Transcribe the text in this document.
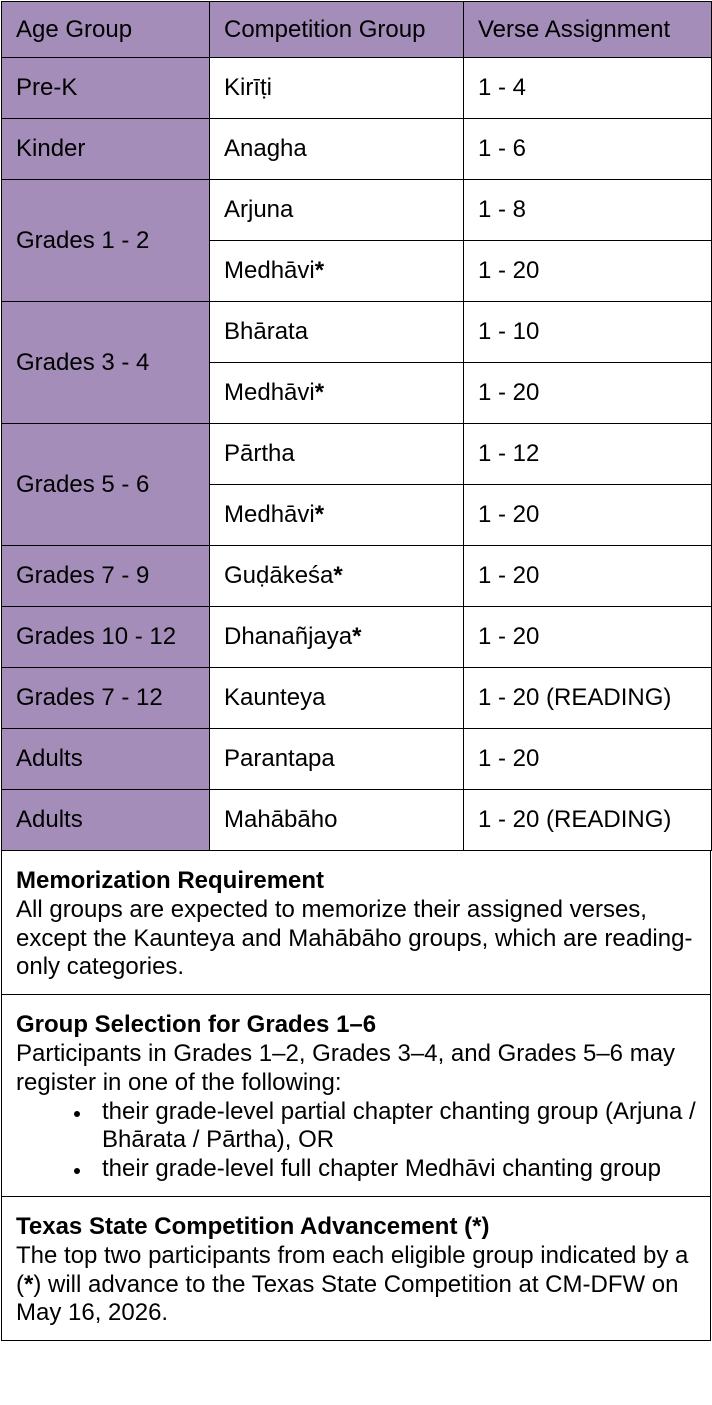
Age Group	Competition Group	Verse Assignment
Pre-K	Kirīṭi	1 - 4
Kinder	Anagha	1 - 6
Grades 1 - 2	Arjuna	1 - 8
	Medhāvi*	1 - 20
Grades 3 - 4	Bhārata	1 - 10
	Medhāvi*	1 - 20
Grades 5 - 6	Pārtha	1 - 12
	Medhāvi*	1 - 20
Grades 7 - 9	Guḍākeśa*	1 - 20
Grades 10 - 12	Dhanañjaya*	1 - 20
Grades 7 - 12	Kaunteya	1 - 20 (READING)
Adults	Parantapa	1 - 20
Adults	Mahābāho	1 - 20 (READING)
Memorization Requirement
All groups are expected to memorize their assigned verses, except the Kaunteya and Mahābāho groups, which are reading-only categories.
Group Selection for Grades 1–6
Participants in Grades 1–2, Grades 3–4, and Grades 5–6 may register in one of the following:
• their grade-level partial chapter chanting group (Arjuna / Bhārata / Pārtha), OR
• their grade-level full chapter Medhāvi chanting group
Texas State Competition Advancement (*)
The top two participants from each eligible group indicated by a (*) will advance to the Texas State Competition at CM-DFW on May 16, 2026.
